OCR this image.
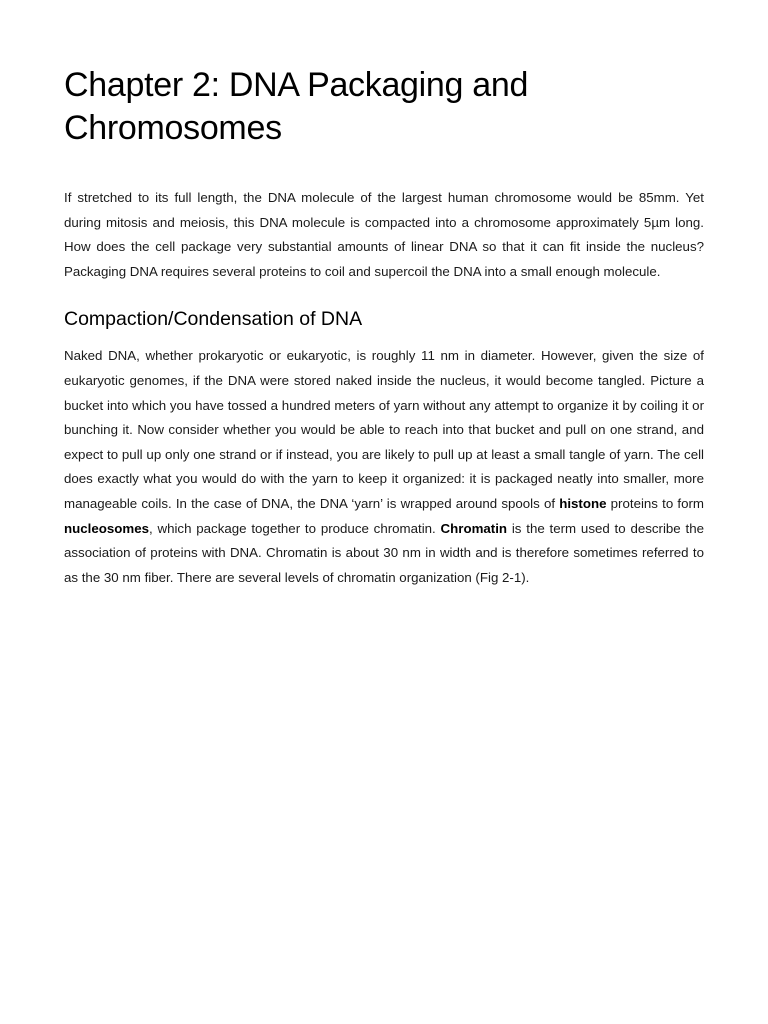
Chapter 2: DNA Packaging and
Chromosomes

If stretched to its full length, the DNA molecule of the largest human chromosome would be 85mm. Yet during mitosis and meiosis, this DNA molecule is compacted into a chromosome approximately 5µm long. How does the cell package very substantial amounts of linear DNA so that it can fit inside the nucleus? Packaging DNA requires several proteins to coil and supercoil the DNA into a small enough molecule.

Compaction/Condensation of DNA

Naked DNA, whether prokaryotic or eukaryotic, is roughly 11 nm in diameter. However, given the size of eukaryotic genomes, if the DNA were stored naked inside the nucleus, it would become tangled. Picture a bucket into which you have tossed a hundred meters of yarn without any attempt to organize it by coiling it or bunching it. Now consider whether you would be able to reach into that bucket and pull on one strand, and expect to pull up only one strand or if instead, you are likely to pull up at least a small tangle of yarn. The cell does exactly what you would do with the yarn to keep it organized: it is packaged neatly into smaller, more manageable coils. In the case of DNA, the DNA ‘yarn’ is wrapped around spools of histone proteins to form nucleosomes, which package together to produce chromatin. Chromatin is the term used to describe the association of proteins with DNA. Chromatin is about 30 nm in width and is therefore sometimes referred to as the 30 nm fiber. There are several levels of chromatin organization (Fig 2-1).
